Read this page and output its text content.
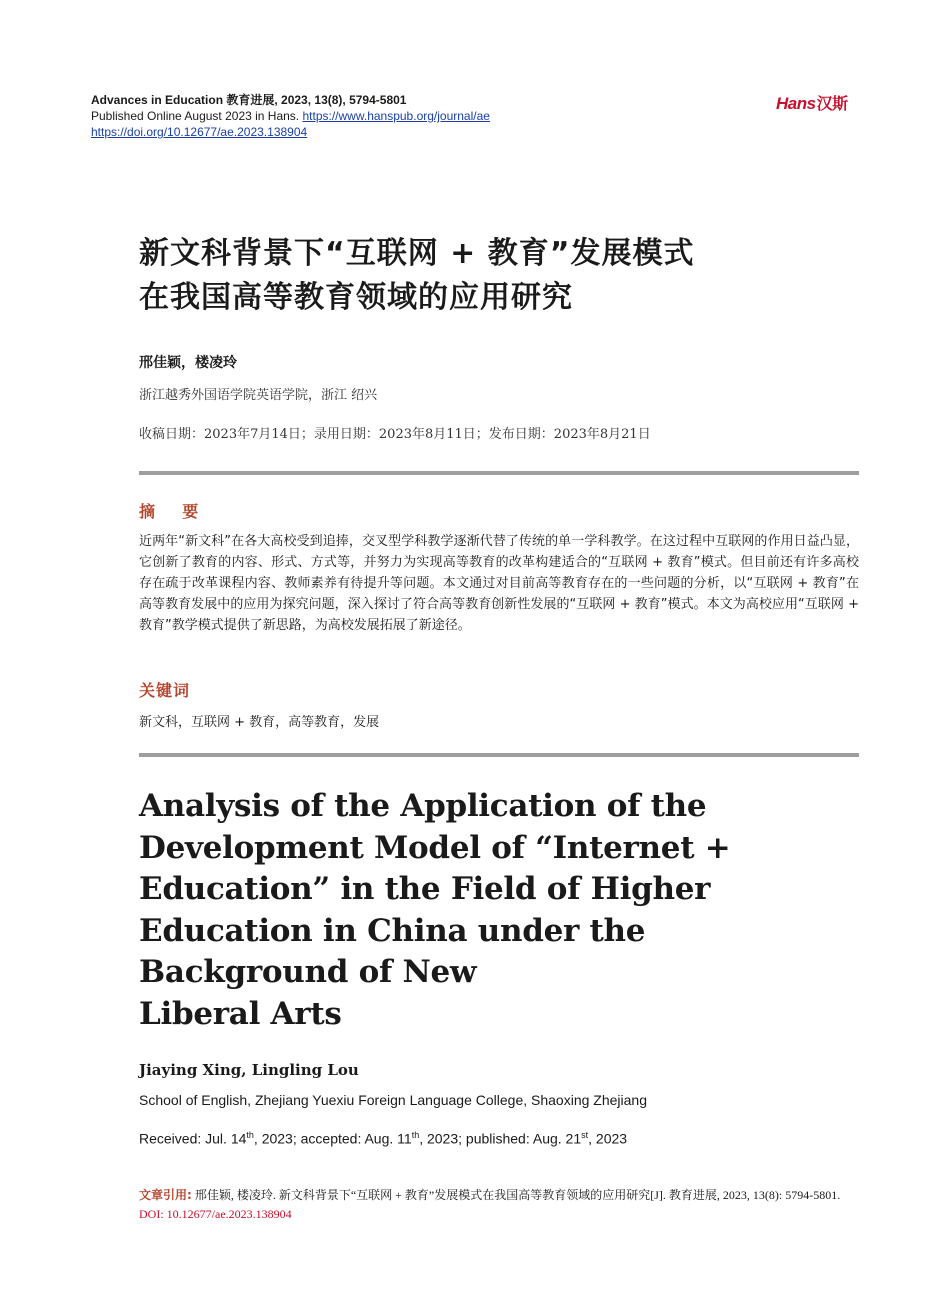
Advances in Education 教育进展, 2023, 13(8), 5794-5801
Published Online August 2023 in Hans. https://www.hanspub.org/journal/ae
https://doi.org/10.12677/ae.2023.138904
Hans汉斯
新文科背景下“互联网 + 教育”发展模式
在我国高等教育领域的应用研究
邢佳颖，楼凌玲
浙江越秀外国语学院英语学院，浙江 绍兴
收稿日期：2023年7月14日；录用日期：2023年8月11日；发布日期：2023年8月21日
摘    要
近两年“新文科”在各大高校受到追捧，交叉型学科教学逐渐代替了传统的单一学科教学。在这过程中互联网的作用日益凸显，它创新了教育的内容、形式、方式等，并努力为实现高等教育的改革构建适合的“互联网 + 教育”模式。但目前还有许多高校存在疏于改革课程内容、教师素养有待提升等问题。本文通过对目前高等教育存在的一些问题的分析，以“互联网 + 教育”在高等教育发展中的应用为探究问题，深入探讨了符合高等教育创新性发展的“互联网 + 教育”模式。本文为高校应用“互联网 + 教育”教学模式提供了新思路，为高校发展拓展了新途径。
关键词
新文科，互联网 + 教育，高等教育，发展
Analysis of the Application of the
Development Model of “Internet +
Education” in the Field of Higher
Education in China under the
Background of New
Liberal Arts
Jiaying Xing, Lingling Lou
School of English, Zhejiang Yuexiu Foreign Language College, Shaoxing Zhejiang
Received: Jul. 14th, 2023; accepted: Aug. 11th, 2023; published: Aug. 21st, 2023
文章引用: 邢佳颖, 楼凌玲. 新文科背景下“互联网 + 教育”发展模式在我国高等教育领域的应用研究[J]. 教育进展, 2023, 13(8): 5794-5801. DOI: 10.12677/ae.2023.138904
